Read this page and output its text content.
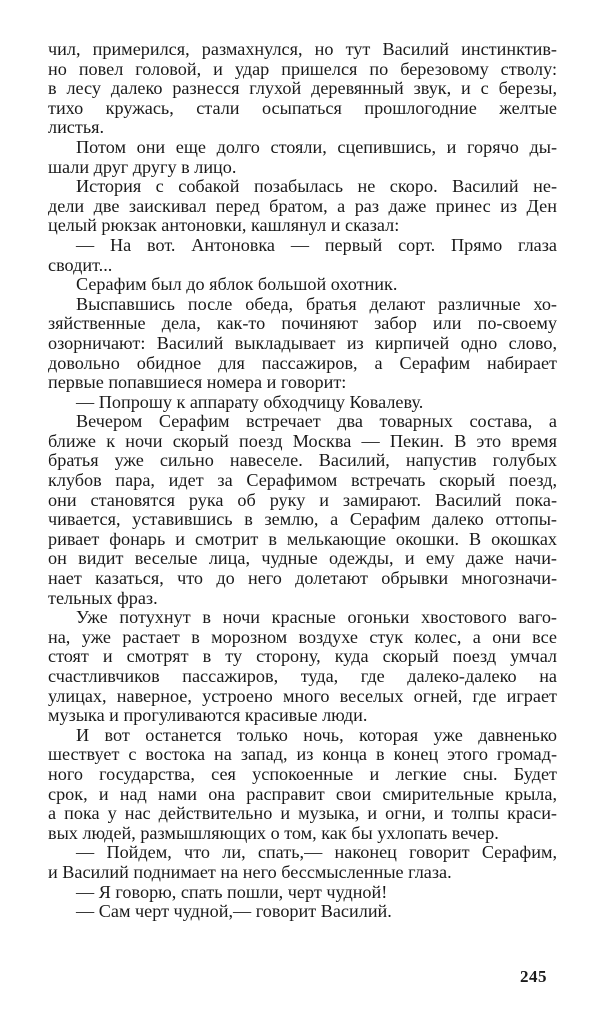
чил, примерился, размахнулся, но тут Василий инстинктив-
но повел головой, и удар пришелся по березовому стволу:
в лесу далеко разнесся глухой деревянный звук, и с березы,
тихо кружась, стали осыпаться прошлогодние желтые
листья.
Потом они еще долго стояли, сцепившись, и горячо ды-
шали друг другу в лицо.
История с собакой позабылась не скоро. Василий не-
дели две заискивал перед братом, а раз даже принес из Ден
целый рюкзак антоновки, кашлянул и сказал:
— На вот. Антоновка — первый сорт. Прямо глаза
сводит...
Серафим был до яблок большой охотник.
Выспавшись после обеда, братья делают различные хо-
зяйственные дела, как-то починяют забор или по-своему
озорничают: Василий выкладывает из кирпичей одно слово,
довольно обидное для пассажиров, а Серафим набирает
первые попавшиеся номера и говорит:
— Попрошу к аппарату обходчицу Ковалеву.
Вечером Серафим встречает два товарных состава, а
ближе к ночи скорый поезд Москва — Пекин. В это время
братья уже сильно навеселе. Василий, напустив голубых
клубов пара, идет за Серафимом встречать скорый поезд,
они становятся рука об руку и замирают. Василий пока-
чивается, уставившись в землю, а Серафим далеко оттопы-
ривает фонарь и смотрит в мелькающие окошки. В окошках
он видит веселые лица, чудные одежды, и ему даже начи-
нает казаться, что до него долетают обрывки многозначи-
тельных фраз.
Уже потухнут в ночи красные огоньки хвостового ваго-
на, уже растает в морозном воздухе стук колес, а они все
стоят и смотрят в ту сторону, куда скорый поезд умчал
счастливчиков пассажиров, туда, где далеко-далеко на
улицах, наверное, устроено много веселых огней, где играет
музыка и прогуливаются красивые люди.
И вот останется только ночь, которая уже давненько
шествует с востока на запад, из конца в конец этого громад-
ного государства, сея успокоенные и легкие сны. Будет
срок, и над нами она расправит свои смирительные крыла,
а пока у нас действительно и музыка, и огни, и толпы краси-
вых людей, размышляющих о том, как бы ухлопать вечер.
— Пойдем, что ли, спать,— наконец говорит Серафим,
и Василий поднимает на него бессмысленные глаза.
— Я говорю, спать пошли, черт чудной!
— Сам черт чудной,— говорит Василий.
245
